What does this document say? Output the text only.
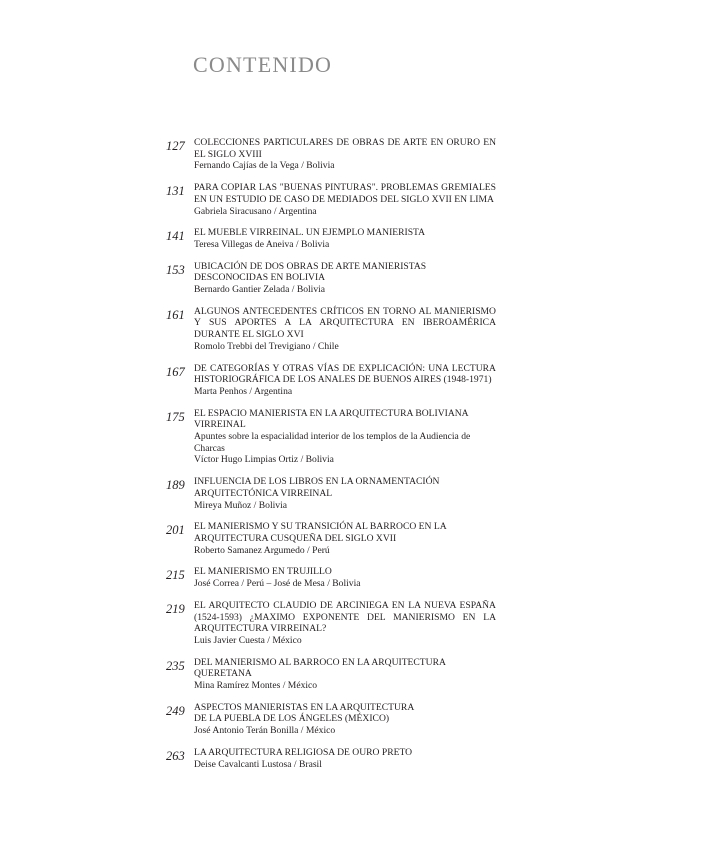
CONTENIDO
127 COLECCIONES PARTICULARES DE OBRAS DE ARTE EN ORURO EN EL SIGLO XVIII
Fernando Cajías de la Vega / Bolivia
131 PARA COPIAR LAS "BUENAS PINTURAS". PROBLEMAS GREMIALES EN UN ESTUDIO DE CASO DE MEDIADOS DEL SIGLO XVII EN LIMA
Gabriela Siracusano / Argentina
141 EL MUEBLE VIRREINAL. UN EJEMPLO MANIERISTA
Teresa Villegas de Aneiva / Bolivia
153 UBICACIÓN DE DOS OBRAS DE ARTE MANIERISTAS
DESCONOCIDAS EN BOLIVIA
Bernardo Gantier Zelada / Bolivia
161 ALGUNOS ANTECEDENTES CRÍTICOS EN TORNO AL MANIERISMO Y SUS APORTES A LA ARQUITECTURA EN IBEROAMÉRICA DURANTE EL SIGLO XVI
Romolo Trebbi del Trevigiano / Chile
167 DE CATEGORÍAS Y OTRAS VÍAS DE EXPLICACIÓN: UNA LECTURA HISTORIOGRÁFICA DE LOS ANALES DE BUENOS AIRES (1948-1971)
Marta Penhos / Argentina
175 EL ESPACIO MANIERISTA EN LA ARQUITECTURA BOLIVIANA
VIRREINAL
Apuntes sobre la espacialidad interior de los templos de la Audiencia de Charcas
Víctor Hugo Limpias Ortiz / Bolivia
189 INFLUENCIA DE LOS LIBROS EN LA ORNAMENTACIÓN
ARQUITECTÓNICA VIRREINAL
Mireya Muñoz / Bolivia
201 EL MANIERISMO Y SU TRANSICIÓN AL BARROCO EN LA
ARQUITECTURA CUSQUEÑA DEL SIGLO XVII
Roberto Samanez Argumedo / Perú
215 EL MANIERISMO EN TRUJILLO
José Correa / Perú – José de Mesa / Bolivia
219 EL ARQUITECTO CLAUDIO DE ARCINIEGA EN LA NUEVA ESPAÑA (1524-1593) ¿MAXIMO EXPONENTE DEL MANIERISMO EN LA ARQUITECTURA VIRREINAL?
Luis Javier Cuesta / México
235 DEL MANIERISMO AL BARROCO EN LA ARQUITECTURA
QUERETANA
Mina Ramírez Montes / México
249 ASPECTOS MANIERISTAS EN LA ARQUITECTURA
DE LA PUEBLA DE LOS ÁNGELES (MÉXICO)
José Antonio Terán Bonilla / México
263 LA ARQUITECTURA RELIGIOSA DE OURO PRETO
Deise Cavalcanti Lustosa / Brasil
